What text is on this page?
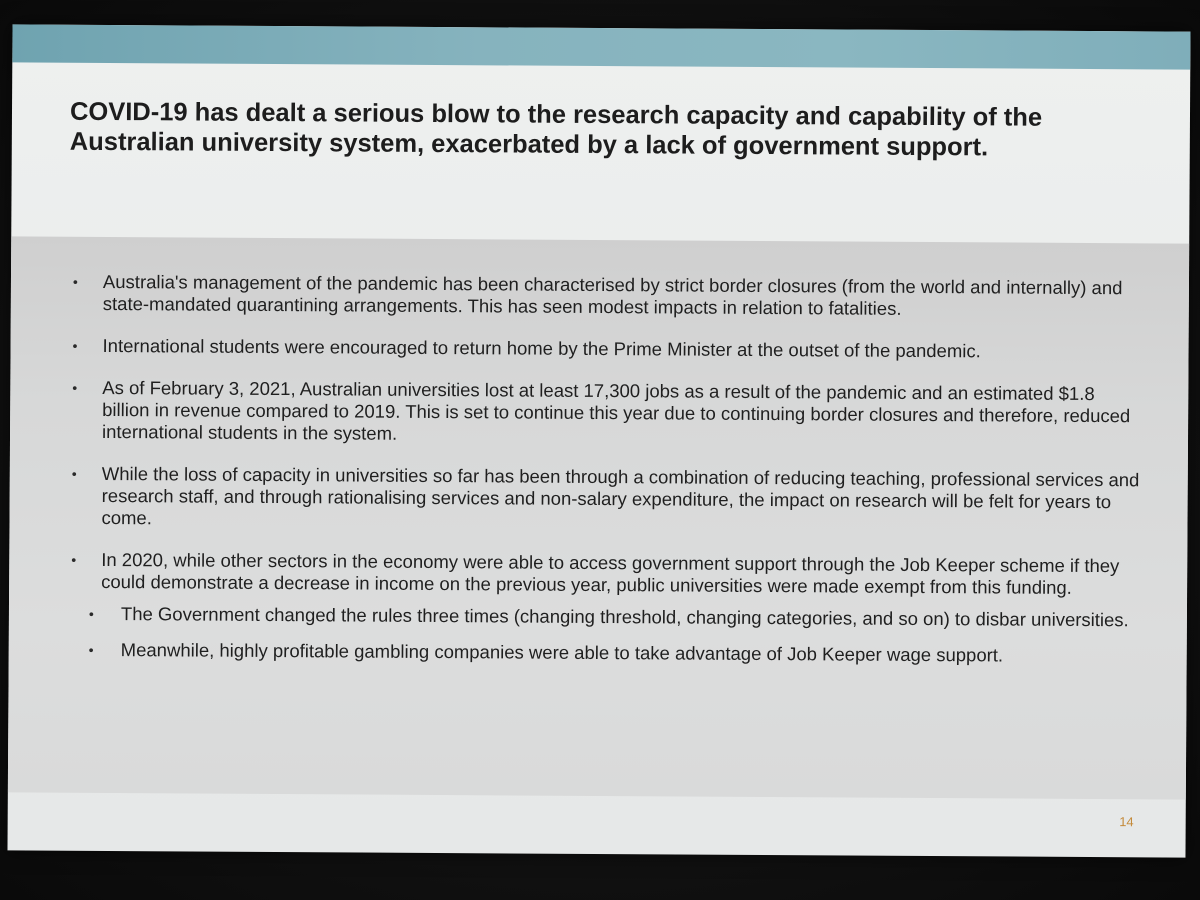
COVID-19 has dealt a serious blow to the research capacity and capability of the Australian university system, exacerbated by a lack of government support.
• Australia's management of the pandemic has been characterised by strict border closures (from the world and internally) and state-mandated quarantining arrangements. This has seen modest impacts in relation to fatalities.
• International students were encouraged to return home by the Prime Minister at the outset of the pandemic.
• As of February 3, 2021, Australian universities lost at least 17,300 jobs as a result of the pandemic and an estimated $1.8 billion in revenue compared to 2019. This is set to continue this year due to continuing border closures and therefore, reduced international students in the system.
• While the loss of capacity in universities so far has been through a combination of reducing teaching, professional services and research staff, and through rationalising services and non-salary expenditure, the impact on research will be felt for years to come.
• In 2020, while other sectors in the economy were able to access government support through the Job Keeper scheme if they could demonstrate a decrease in income on the previous year, public universities were made exempt from this funding.
• The Government changed the rules three times (changing threshold, changing categories, and so on) to disbar universities.
• Meanwhile, highly profitable gambling companies were able to take advantage of Job Keeper wage support.
14
